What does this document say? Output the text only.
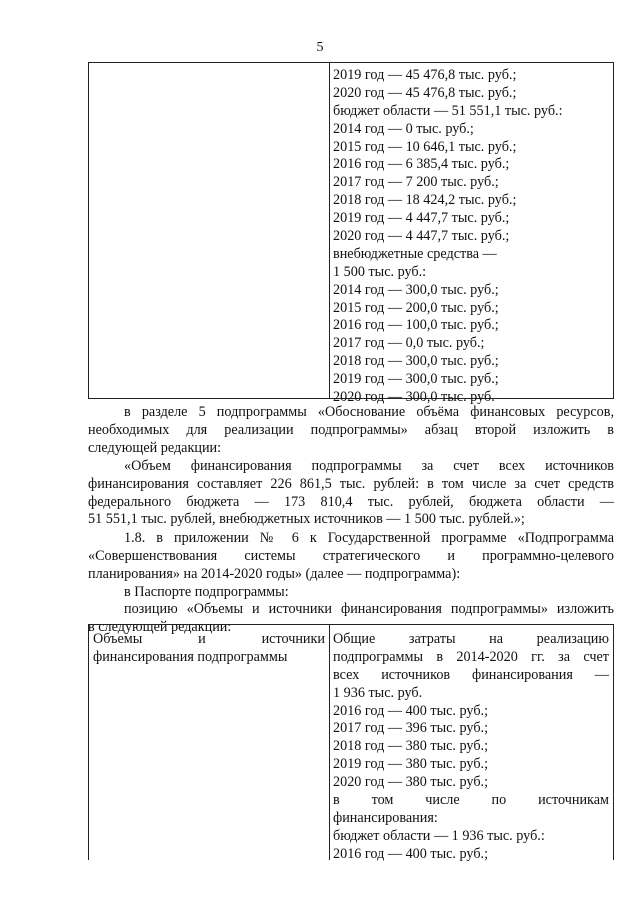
5
2019 год — 45 476,8 тыс. руб.;
2020 год — 45 476,8 тыс. руб.;
бюджет области — 51 551,1 тыс. руб.:
2014 год — 0 тыс. руб.;
2015 год — 10 646,1 тыс. руб.;
2016 год — 6 385,4 тыс. руб.;
2017 год — 7 200 тыс. руб.;
2018 год — 18 424,2 тыс. руб.;
2019 год — 4 447,7 тыс. руб.;
2020 год — 4 447,7 тыс. руб.;
внебюджетные средства —
1 500 тыс. руб.:
2014 год — 300,0 тыс. руб.;
2015 год — 200,0 тыс. руб.;
2016 год — 100,0 тыс. руб.;
2017 год — 0,0 тыс. руб.;
2018 год — 300,0 тыс. руб.;
2019 год — 300,0 тыс. руб.;
2020 год — 300,0 тыс. руб.
в разделе 5 подпрограммы «Обоснование объёма финансовых ресурсов,
необходимых для реализации подпрограммы» абзац второй изложить в
следующей редакции:
«Объем финансирования подпрограммы за счет всех источников
финансирования составляет 226 861,5 тыс. рублей: в том числе за счет средств
федерального бюджета — 173 810,4 тыс. рублей, бюджета области —
51 551,1 тыс. рублей, внебюджетных источников — 1 500 тыс. рублей.»;
1.8. в приложении № 6 к Государственной программе «Подпрограмма
«Совершенствования системы стратегического и программно-целевого
планирования» на 2014-2020 годы» (далее — подпрограмма):
в Паспорте подпрограммы:
позицию «Объемы и источники финансирования подпрограммы» изложить
в следующей редакции:
Объемы и источники
финансирования подпрограммы
Общие затраты на реализацию
подпрограммы в 2014-2020 гг. за счет
всех источников финансирования —
1 936 тыс. руб.
2016 год — 400 тыс. руб.;
2017 год — 396 тыс. руб.;
2018 год — 380 тыс. руб.;
2019 год — 380 тыс. руб.;
2020 год — 380 тыс. руб.;
в том числе по источникам
финансирования:
бюджет области — 1 936 тыс. руб.:
2016 год — 400 тыс. руб.;
